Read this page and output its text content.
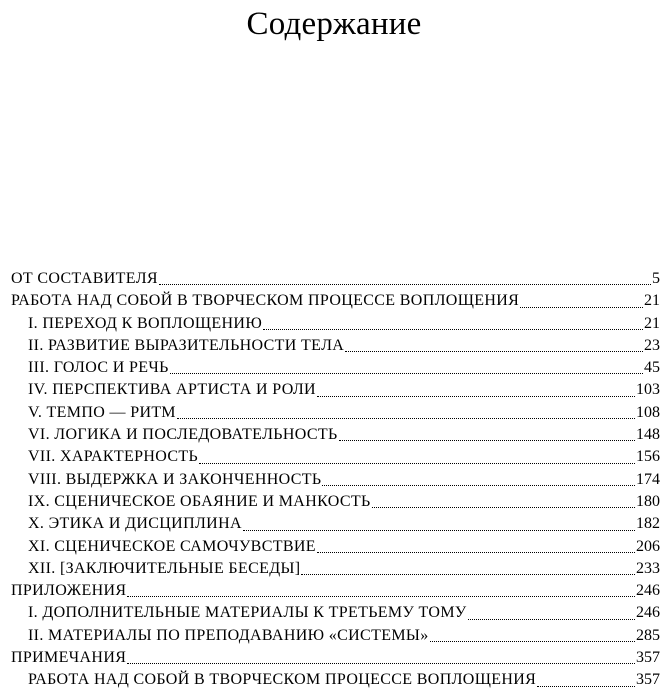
Содержание
ОТ СОСТАВИТЕЛЯ	5
РАБОТА НАД СОБОЙ В ТВОРЧЕСКОМ ПРОЦЕССЕ ВОПЛОЩЕНИЯ	21
I. ПЕРЕХОД К ВОПЛОЩЕНИЮ	21
II. РАЗВИТИЕ ВЫРАЗИТЕЛЬНОСТИ ТЕЛА	23
III. ГОЛОС И РЕЧЬ	45
IV. ПЕРСПЕКТИВА АРТИСТА И РОЛИ	103
V. ТЕМПО — РИТМ	108
VI. ЛОГИКА И ПОСЛЕДОВАТЕЛЬНОСТЬ	148
VII. ХАРАКТЕРНОСТЬ	156
VIII. ВЫДЕРЖКА И ЗАКОНЧЕННОСТЬ	174
IX. СЦЕНИЧЕСКОЕ ОБАЯНИЕ И МАНКОСТЬ	180
X. ЭТИКА И ДИСЦИПЛИНА	182
XI. СЦЕНИЧЕСКОЕ САМОЧУВСТВИЕ	206
XII. [ЗАКЛЮЧИТЕЛЬНЫЕ БЕСЕДЫ]	233
ПРИЛОЖЕНИЯ	246
I. ДОПОЛНИТЕЛЬНЫЕ МАТЕРИАЛЫ К ТРЕТЬЕМУ ТОМУ	246
II. МАТЕРИАЛЫ ПО ПРЕПОДАВАНИЮ «СИСТЕМЫ»	285
ПРИМЕЧАНИЯ	357
РАБОТА НАД СОБОЙ В ТВОРЧЕСКОМ ПРОЦЕССЕ ВОПЛОЩЕНИЯ	357
